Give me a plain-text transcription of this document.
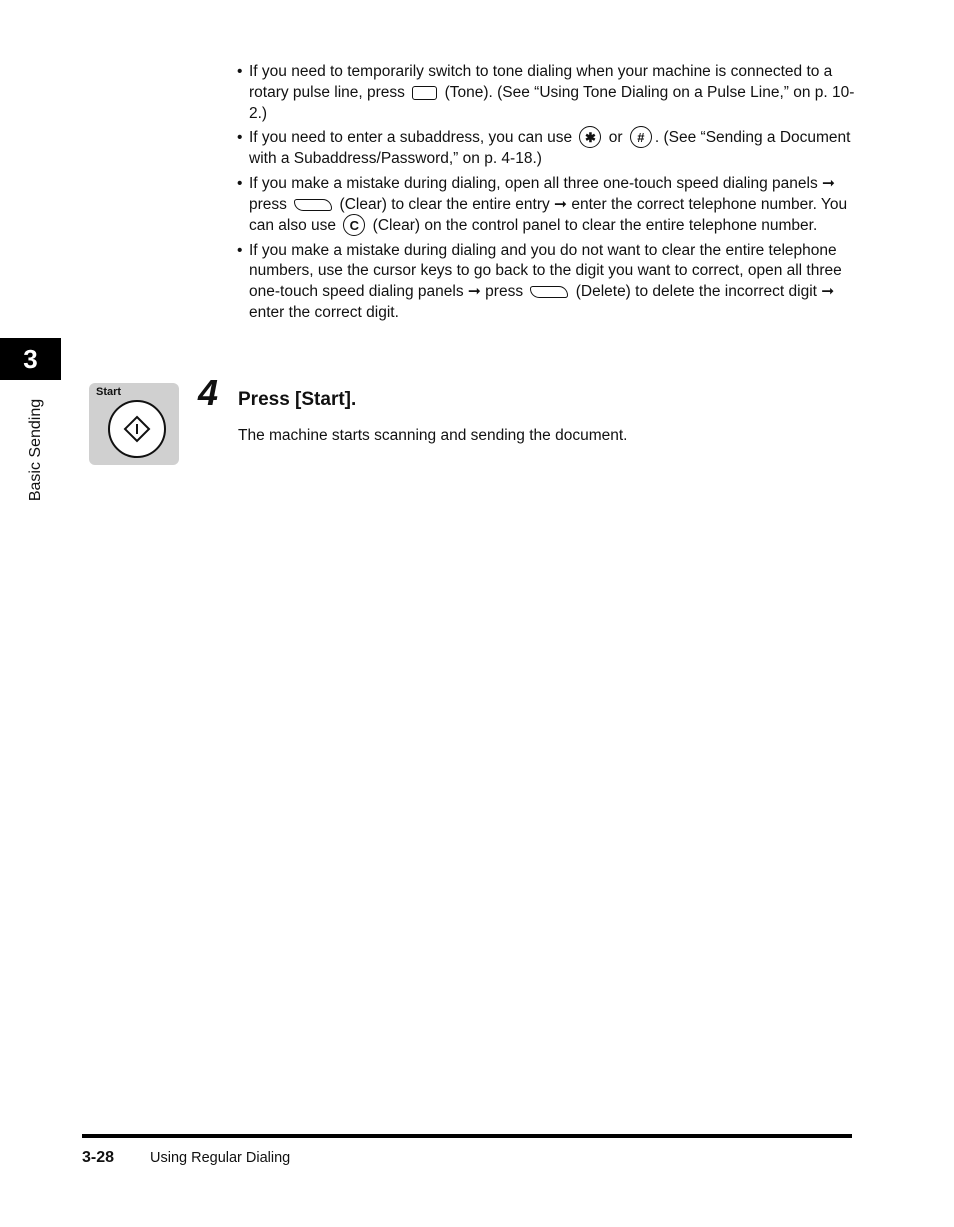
• If you need to temporarily switch to tone dialing when your machine is connected to a rotary pulse line, press	(Tone). (See “Using Tone Dialing on a Pulse Line,” on p. 10-2.)
• If you need to enter a subaddress, you can use ✱ or # . (See “Sending a Document with a Subaddress/Password,” on p. 4-18.)
• If you make a mistake during dialing, open all three one-touch speed dialing panels ➞ press	(Clear) to clear the entire entry ➞ enter the correct telephone number. You can also use C (Clear) on the control panel to clear the entire telephone number.
• If you make a mistake during dialing and you do not want to clear the entire telephone numbers, use the cursor keys to go back to the digit you want to correct, open all three one-touch speed dialing panels ➞ press	(Delete) to delete the incorrect digit ➞ enter the correct digit.
3
Basic Sending
Start 4 Press [Start].
The machine starts scanning and sending the document.
3-28 Using Regular Dialing
